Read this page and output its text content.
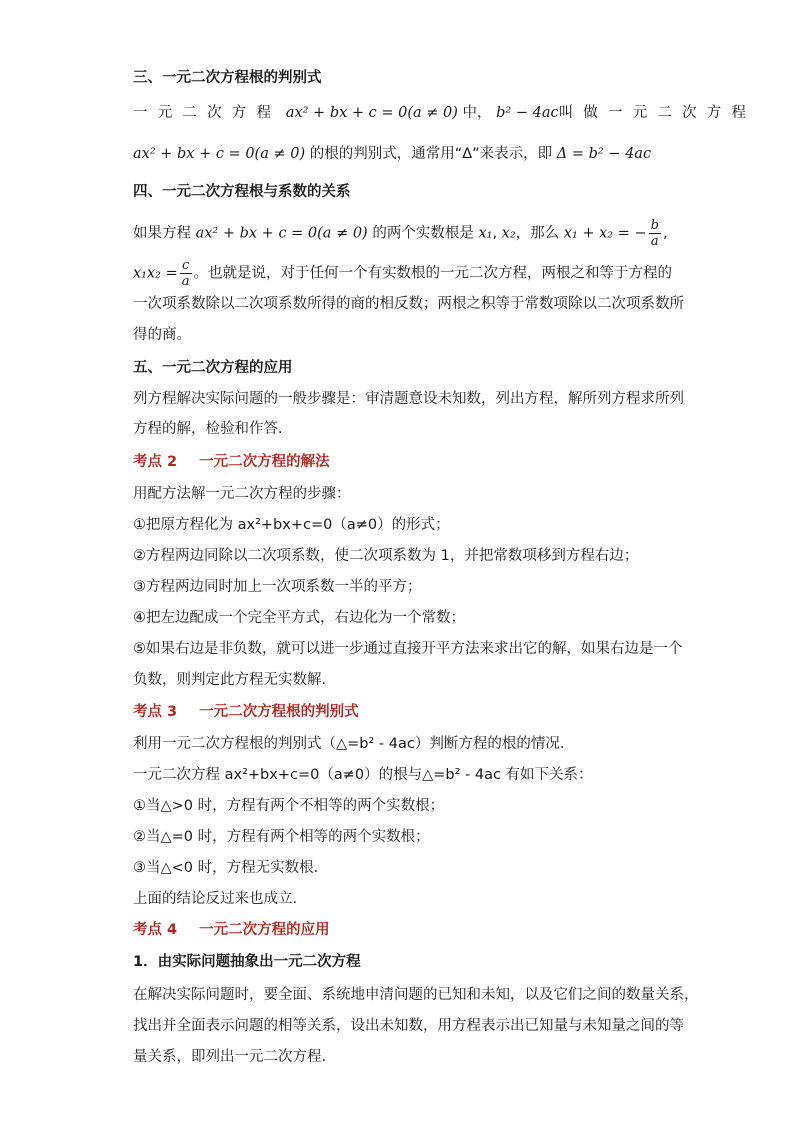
三、一元二次方程根的判别式
一元二次方程 ax² + bx + c = 0(a ≠ 0) 中， b² − 4ac叫做一元二次方程
ax² + bx + c = 0(a ≠ 0) 的根的判别式，通常用“Δ”来表示，即 Δ = b² − 4ac
四、一元二次方程根与系数的关系
如果方程 ax² + bx + c = 0(a ≠ 0) 的两个实数根是 x₁, x₂，那么 x₁ + x₂ = − $\frac{b}{a}$ ,
$x_1x_2 = \frac{c}{a}$ 。也就是说，对于任何一个有实数根的一元二次方程，两根之和等于方程的
一次项系数除以二次项系数所得的商的相反数；两根之积等于常数项除以二次项系数所
得的商。
五、一元二次方程的应用
列方程解决实际问题的一般步骤是：审清题意设未知数，列出方程，解所列方程求所列
方程的解，检验和作答.
考点 2 一元二次方程的解法
用配方法解一元二次方程的步骤：
①把原方程化为 ax²+bx+c=0（a≠0）的形式；
②方程两边同除以二次项系数，使二次项系数为 1，并把常数项移到方程右边；
③方程两边同时加上一次项系数一半的平方；
④把左边配成一个完全平方式，右边化为一个常数；
⑤如果右边是非负数，就可以进一步通过直接开平方法来求出它的解，如果右边是一个
负数，则判定此方程无实数解.
考点 3 一元二次方程根的判别式
利用一元二次方程根的判别式（△=b² - 4ac）判断方程的根的情况.
一元二次方程 ax²+bx+c=0（a≠0）的根与△=b² - 4ac 有如下关系：
①当△>0 时，方程有两个不相等的两个实数根；
②当△=0 时，方程有两个相等的两个实数根；
③当△<0 时，方程无实数根.
上面的结论反过来也成立.
考点 4 一元二次方程的应用
1．由实际问题抽象出一元二次方程
在解决实际问题时，要全面、系统地申清问题的已知和未知，以及它们之间的数量关系，
找出并全面表示问题的相等关系，设出未知数，用方程表示出已知量与未知量之间的等
量关系，即列出一元二次方程.
